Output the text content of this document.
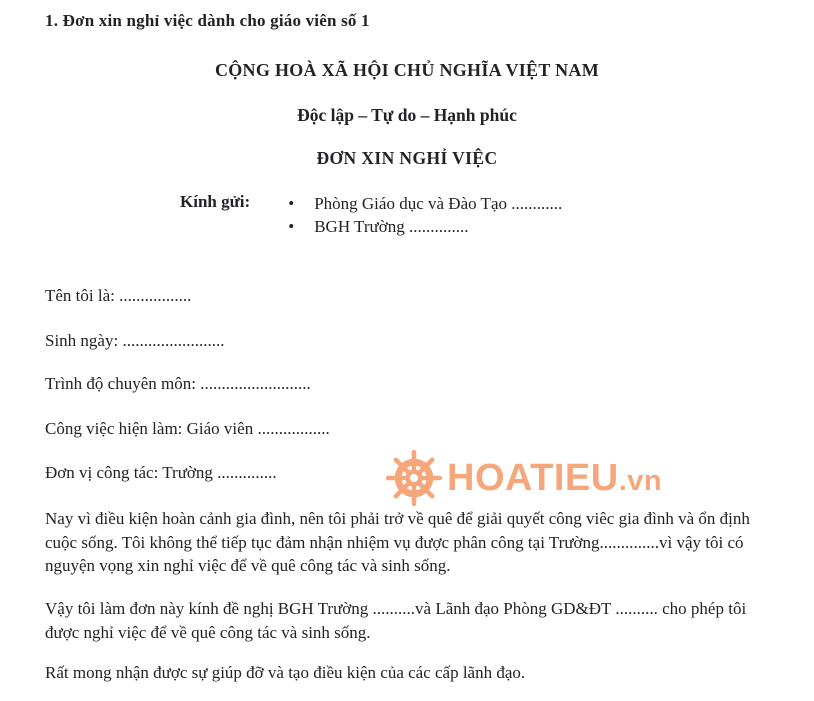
1. Đơn xin nghỉ việc dành cho giáo viên số 1
CỘNG HOÀ XÃ HỘI CHỦ NGHĨA VIỆT NAM
Độc lập – Tự do – Hạnh phúc
ĐƠN XIN NGHỈ VIỆC
Kính gửi:	• Phòng Giáo dục và Đào Tạo ............
• BGH Trường ..............
Tên tôi là: .................
Sinh ngày: ........................
Trình độ chuyên môn: ..........................
Công việc hiện làm: Giáo viên .................
Đơn vị công tác: Trường ..............	HOATIEU.vn
Nay vì điều kiện hoàn cảnh gia đình, nên tôi phải trở về quê để giải quyết công viêc gia đình và ổn định cuộc sống. Tôi không thể tiếp tục đảm nhận nhiệm vụ được phân công tại Trường..............vì vậy tôi có nguyện vọng xin nghỉ việc để về quê công tác và sinh sống.
Vậy tôi làm đơn này kính đề nghị BGH Trường ..........và Lãnh đạo Phòng GD&ĐT .......... cho phép tôi được nghỉ việc để về quê công tác và sinh sống.
Rất mong nhận được sự giúp đỡ và tạo điều kiện của các cấp lãnh đạo.
